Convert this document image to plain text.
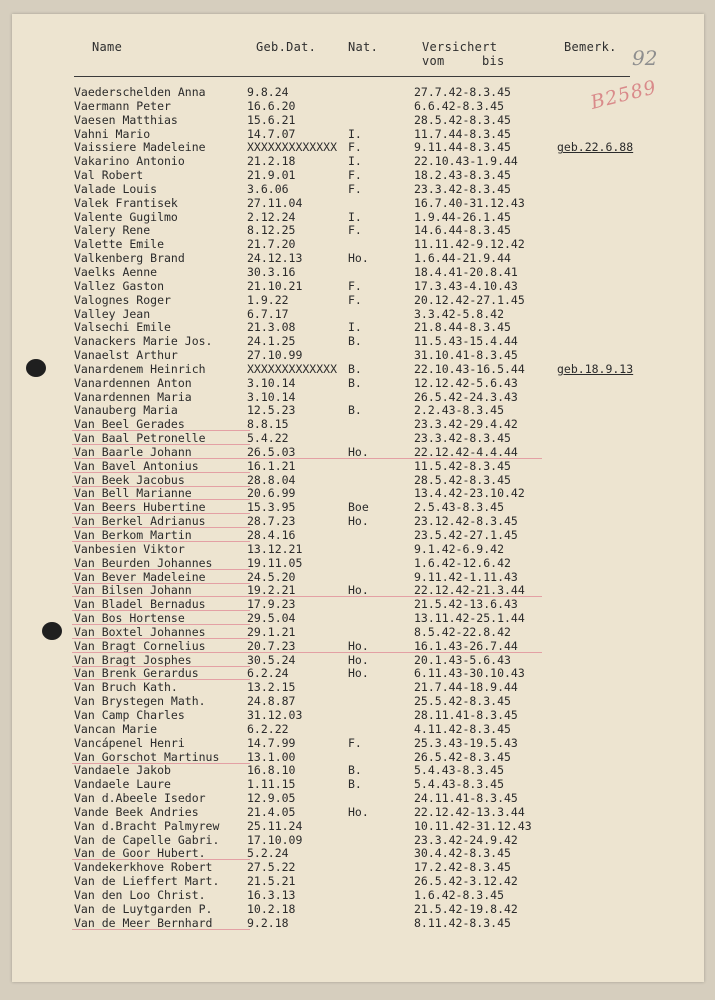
Name	Geb.Dat.	Nat.	Versichert
vom	bis
Bemerk. 92
B2589
Vaederschelden Anna	9.8.24	27.7.42-8.3.45
Vaermann Peter	16.6.20	6.6.42-8.3.45
Vaesen Matthias	15.6.21	28.5.42-8.3.45
Vahni Mario	14.7.07	I.	11.7.44-8.3.45
Vaissiere Madeleine	XXXXXXXXXXXXX F.	9.11.44-8.3.45	geb.22.6.88
Vakarino Antonio	21.2.18	I.	22.10.43-1.9.44
Val Robert	21.9.01	F.	18.2.43-8.3.45
Valade Louis	3.6.06	F.	23.3.42-8.3.45
Valek Frantisek	27.11.04	16.7.40-31.12.43
Valente Gugilmo	2.12.24	I.	1.9.44-26.1.45
Valery Rene	8.12.25	F.	14.6.44-8.3.45
Valette Emile	21.7.20	11.11.42-9.12.42
Valkenberg Brand	24.12.13	Ho.	1.6.44-21.9.44
Vaelks Aenne	30.3.16	18.4.41-20.8.41
Vallez Gaston	21.10.21	F.	17.3.43-4.10.43
Valognes Roger	1.9.22	F.	20.12.42-27.1.45
Valley Jean	6.7.17	3.3.42-5.8.42
Valsechi Emile	21.3.08	I.	21.8.44-8.3.45
Vanackers Marie Jos.	24.1.25	B.	11.5.43-15.4.44
Vanaelst Arthur	27.10.99	31.10.41-8.3.45
Vanardenem Heinrich	XXXXXXXXXXXXX B.	22.10.43-16.5.44	geb.18.9.13
Vanardennen Anton	3.10.14	B.	12.12.42-5.6.43
Vanardennen Maria	3.10.14	26.5.42-24.3.43
Vanauberg Maria	12.5.23	B.	2.2.43-8.3.45
Van Beel Gerades	8.8.15	23.3.42-29.4.42
Van Baal Petronelle	5.4.22	23.3.42-8.3.45
Van Baarle Johann	26.5.03	Ho.	22.12.42-4.4.44
Van Bavel Antonius	16.1.21	11.5.42-8.3.45
Van Beek Jacobus	28.8.04	28.5.42-8.3.45
Van Bell Marianne	20.6.99	13.4.42-23.10.42
Van Beers Hubertine	15.3.95	Boe	2.5.43-8.3.45
Van Berkel Adrianus	28.7.23	Ho.	23.12.42-8.3.45
Van Berkom Martin	28.4.16	23.5.42-27.1.45
Vanbesien Viktor	13.12.21	9.1.42-6.9.42
Van Beurden Johannes	19.11.05	1.6.42-12.6.42
Van Bever Madeleine	24.5.20	9.11.42-1.11.43
Van Bilsen Johann	19.2.21	Ho.	22.12.42-21.3.44
Van Bladel Bernadus	17.9.23	21.5.42-13.6.43
Van Bos Hortense	29.5.04	13.11.42-25.1.44
Van Boxtel Johannes	29.1.21	8.5.42-22.8.42
Van Bragt Cornelius	20.7.23	Ho.	16.1.43-26.7.44
Van Bragt Josphes	30.5.24	Ho.	20.1.43-5.6.43
Van Brenk Gerardus	6.2.24	Ho.	6.11.43-30.10.43
Van Bruch Kath.	13.2.15	21.7.44-18.9.44
Van Brystegen Math.	24.8.87	25.5.42-8.3.45
Van Camp Charles	31.12.03	28.11.41-8.3.45
Vancan Marie	6.2.22	4.11.42-8.3.45
Vancápenel Henri	14.7.99	F.	25.3.43-19.5.43
Van Gorschot Martinus 13.1.00	26.5.42-8.3.45
Vandaele Jakob	16.8.10	B.	5.4.43-8.3.45
Vandaele Laure	1.11.15	B.	5.4.43-8.3.45
Van d.Abeele Isedor	12.9.05	24.11.41-8.3.45
Vande Beek Andries	21.4.05	Ho.	22.12.42-13.3.44
Van d.Bracht Palmyrew 25.11.24	10.11.42-31.12.43
Van de Capelle Gabri. 17.10.09	23.3.42-24.9.42
Van de Goor Hubert.	5.2.24	30.4.42-8.3.45
Vandekerkhove Robert	27.5.22	17.2.42-8.3.45
Van de Lieffert Mart. 21.5.21	26.5.42-3.12.42
Van den Loo Christ.	16.3.13	1.6.42-8.3.45
Van de Luytgarden P.	10.2.18	21.5.42-19.8.42
Van de Meer Bernhard	9.2.18	8.11.42-8.3.45
